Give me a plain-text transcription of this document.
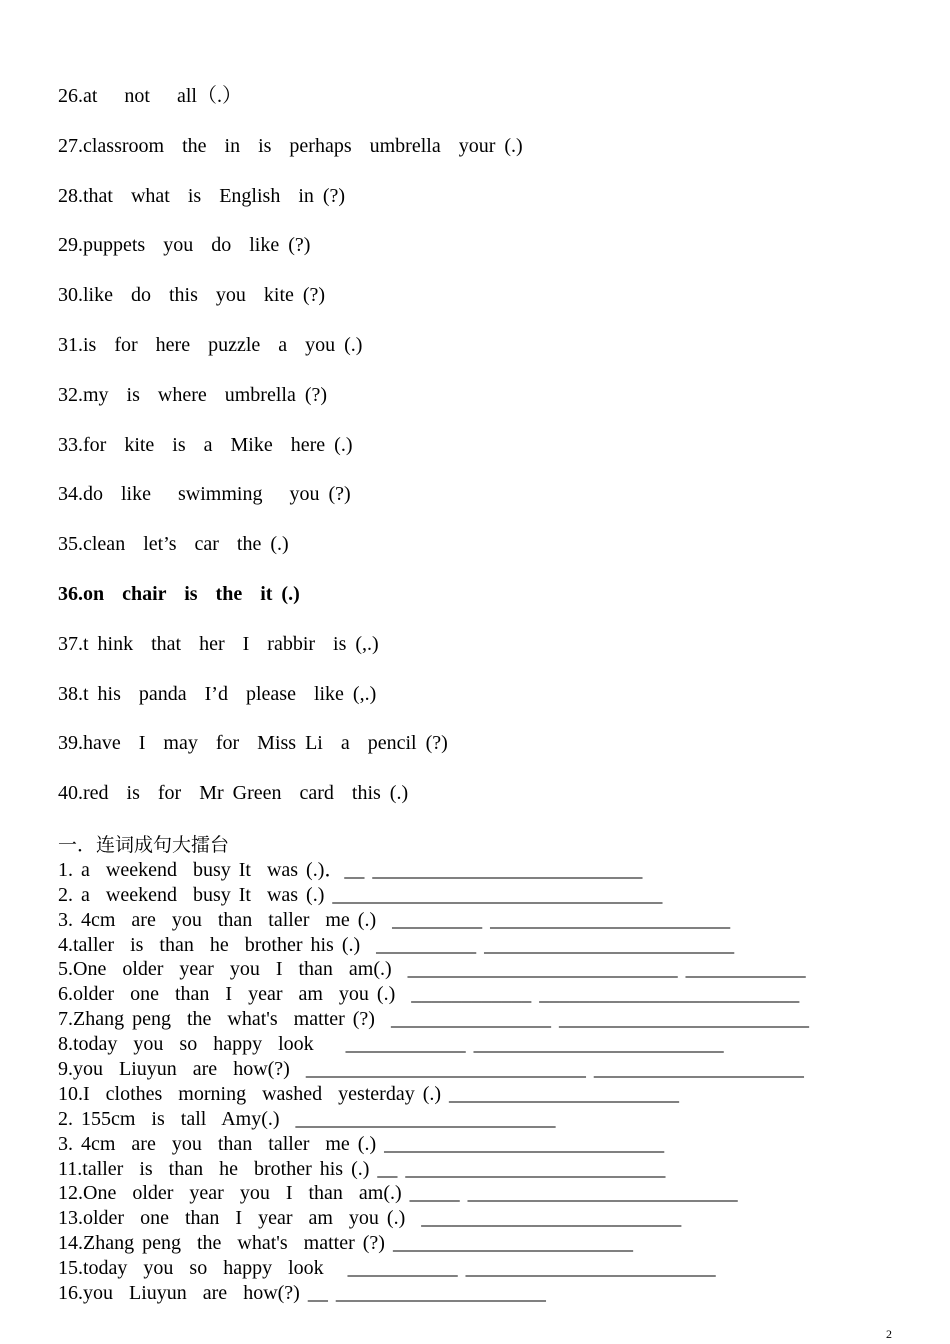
26.at   not   all（.）
27.classroom  the  in  is  perhaps  umbrella  your (.)
28.that  what  is  English  in (?)
29.puppets  you  do  like (?)
30.like  do  this  you  kite (?)
31.is  for  here  puzzle  a  you (.)
32.my  is  where  umbrella (?)
33.for  kite  is  a  Mike  here (.)
34.do  like   swimming   you (?)
35.clean  let’s  car  the (.)
36.on  chair  is  the  it (.)
37.t hink  that  her  I  rabbir  is (,.)
38.t his  panda  I’d  please  like (,.)
39.have  I  may  for  Miss Li  a  pencil (?)
40.red  is  for  Mr Green  card  this (.)
一．连词成句大擂台
1. a  weekend  busy It  was (.)．__ ___________________________
2. a  weekend  busy It  was (.) _________________________________
3. 4cm  are  you  than  taller  me (.)  _________ ________________________
4.taller  is  than  he  brother his (.)  __________ _________________________
5.One  older  year  you  I  than  am(.)  ___________________________ ____________
6.older  one  than  I  year  am  you (.)  ____________ __________________________
7.Zhang peng  the  what's  matter (?)  ________________ _________________________
8.today  you  so  happy  look    ____________ _________________________
9.you  Liuyun  are  how(?)  ____________________________ _____________________
10.I  clothes  morning  washed  yesterday (.) _______________________
2. 155cm  is  tall  Amy(.)  __________________________
3. 4cm  are  you  than  taller  me (.) ____________________________
11.taller  is  than  he  brother his (.) __ __________________________
12.One  older  year  you  I  than  am(.) _____ ___________________________
13.older  one  than  I  year  am  you (.)  __________________________
14.Zhang peng  the  what's  matter (?) ________________________
15.today  you  so  happy  look   ___________ _________________________
16.you  Liuyun  are  how(?) __ _____________________
2
